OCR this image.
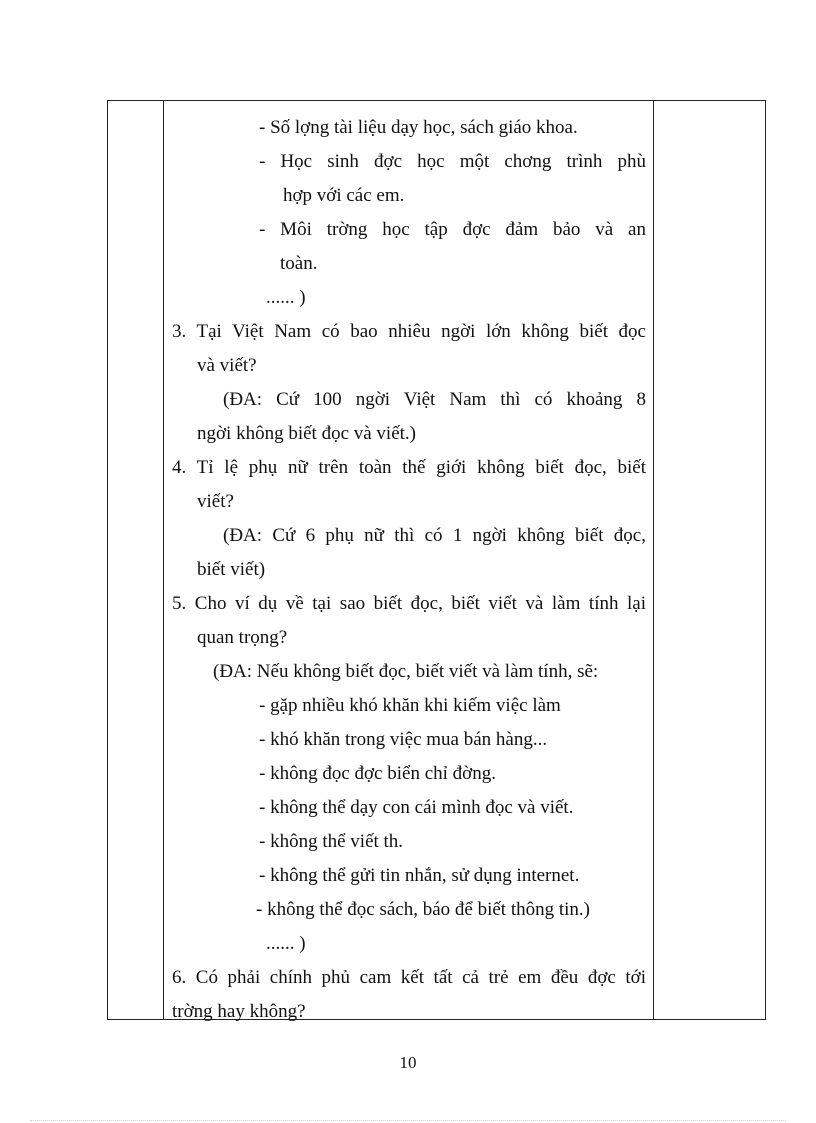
- Số lợng tài liệu dạy học, sách giáo khoa.
- Học sinh đợc học một chơng trình phù
hợp với các em.
- Môi trờng học tập đợc đảm bảo và an
toàn.
...... )
3. Tại Việt Nam có bao nhiêu ngời lớn không biết đọc
và viết?
(ĐA: Cứ 100 ngời Việt Nam thì có khoảng 8
ngời không biết đọc và viết.)
4. Tỉ lệ phụ nữ trên toàn thế giới không biết đọc, biết
viết?
(ĐA: Cứ 6 phụ nữ thì có 1 ngời không biết đọc,
biết viết)
5. Cho ví dụ về tại sao biết đọc, biết viết và làm tính lại
quan trọng?
(ĐA: Nếu không biết đọc, biết viết và làm tính, sẽ:
- gặp nhiều khó khăn khi kiếm việc làm
- khó khăn trong việc mua bán hàng...
- không đọc đợc biển chỉ đờng.
- không thể dạy con cái mình đọc và viết.
- không thể viết th.
- không thể gửi tin nhắn, sử dụng internet.
- không thể đọc sách, báo để biết thông tin.)
...... )
6. Có phải chính phủ cam kết tất cả trẻ em đều đợc tới
trờng hay không?
10
